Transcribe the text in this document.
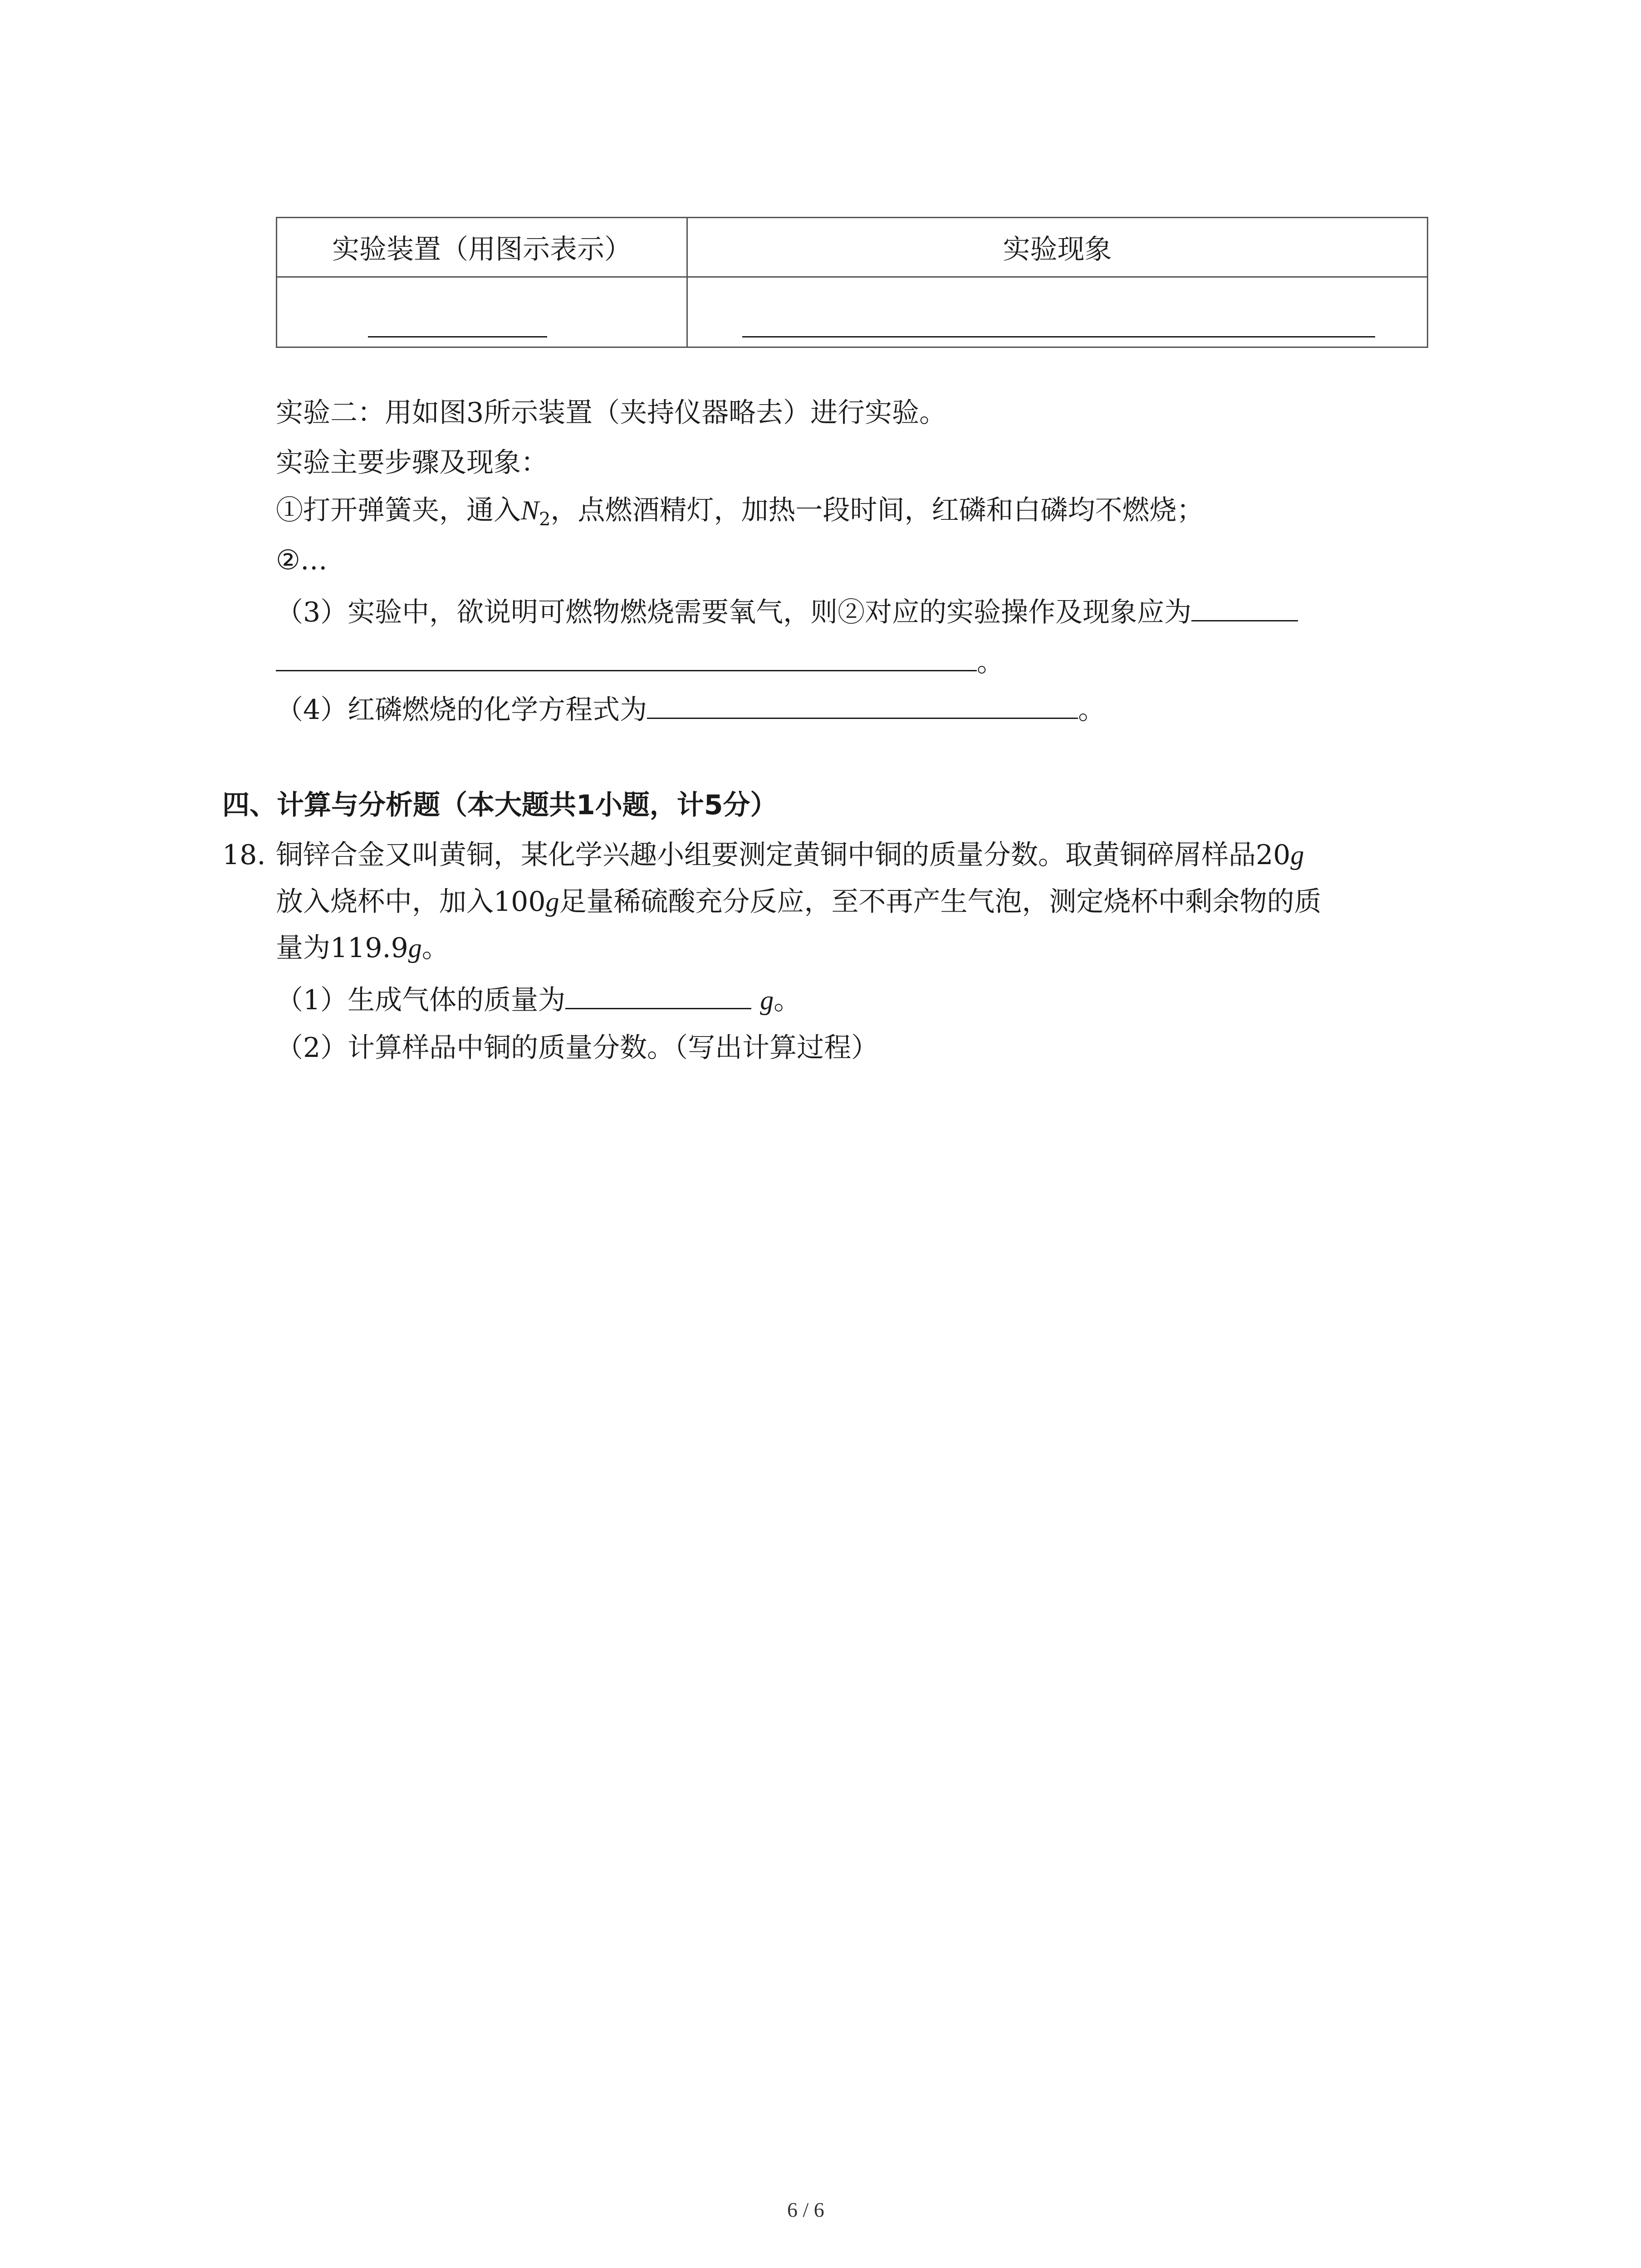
实验装置（用图示表示）	实验现象

实验二：用如图3所示装置（夹持仪器略去）进行实验。
实验主要步骤及现象：
①打开弹簧夹，通入$N_2$，点燃酒精灯，加热一段时间，红磷和白磷均不燃烧；
②…
（3）实验中，欲说明可燃物燃烧需要氧气，则②对应的实验操作及现象应为
。
（4）红磷燃烧的化学方程式为	。
四、计算与分析题（本大题共1小题，计5分）
18. 铜锌合金又叫黄铜，某化学兴趣小组要测定黄铜中铜的质量分数。取黄铜碎屑样品20g
放入烧杯中，加入100g足量稀硫酸充分反应，至不再产生气泡，测定烧杯中剩余物的质
量为119.9g。
（1）生成气体的质量为	g。
（2）计算样品中铜的质量分数。（写出计算过程）
6 / 6
